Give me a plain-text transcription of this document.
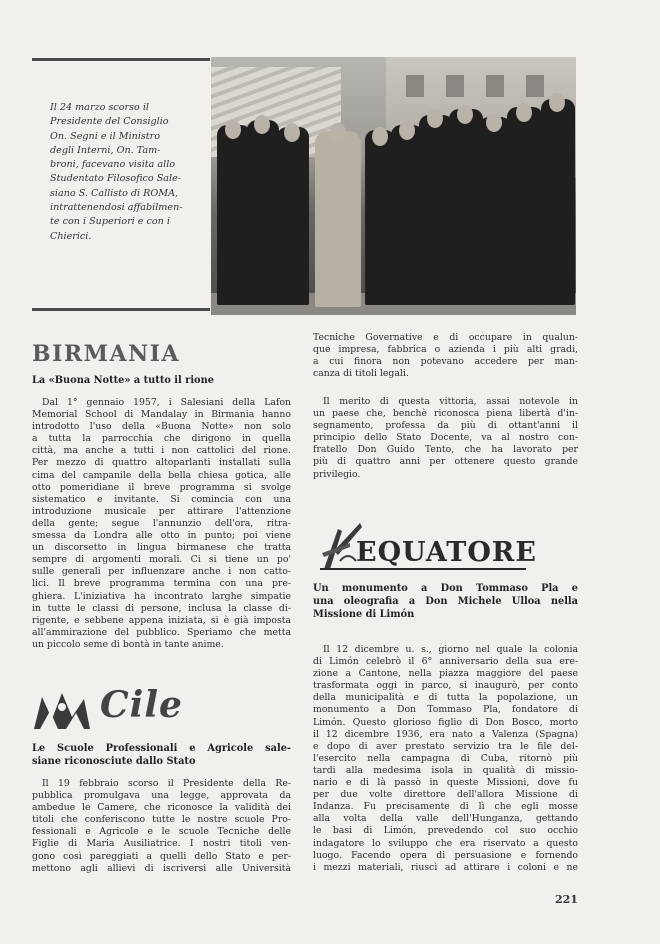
Il 24 marzo scorso il
Presidente del Consiglio
On. Segni e il Ministro
degli Interni, On. Tam-
broni, facevano visita allo
Studentato Filosofico Sale-
siano S. Callisto di ROMA,
intrattenendosi affabilmen-
te con i Superiori e con i
Chierici.
BIRMANIA
La «Buona Notte» a tutto il rione
Dal 1° gennaio 1957, i Salesiani della Lafon
Memorial School di Mandalay in Birmania hanno
introdotto l'uso della «Buona Notte» non solo
a tutta la parrocchia che dirigono in quella
città, ma anche a tutti i non cattolici del rione.
Per mezzo di quattro altoparlanti installati sulla
cima del campanile della bella chiesa gotica, alle
otto pomeridiane il breve programma si svolge
sistematico e invitante. Si comincia con una
introduzione musicale per attirare l'attenzione
della gente; segue l'annunzio dell'ora, ritra-
smessa da Londra alle otto in punto; poi viene
un discorsetto in lingua birmanese che tratta
sempre di argomenti morali. Ci si tiene un po'
sulle generali per influenzare anche i non catto-
lici. Il breve programma termina con una pre-
ghiera. L'iniziativa ha incontrato larghe simpatie
in tutte le classi di persone, inclusa la classe di-
rigente, e sebbene appena iniziata, si è già imposta
all'ammirazione del pubblico. Speriamo che metta
un piccolo seme di bontà in tante anime.
Cile
Le Scuole Professionali e Agricole sale-
siane riconosciute dallo Stato
Il 19 febbraio scorso il Presidente della Re-
pubblica promulgava una legge, approvata da
ambedue le Camere, che riconosce la validità dei
titoli che conferiscono tutte le nostre scuole Pro-
fessionali e Agricole e le scuole Tecniche delle
Figlie di Maria Ausiliatrice. I nostri titoli ven-
gono così pareggiati a quelli dello Stato e per-
mettono agli allievi di iscriversi alle Università
Tecniche Governative e di occupare in qualun-
que impresa, fabbrica o azienda i più alti gradi,
a cui finora non potevano accedere per man-
canza di titoli legali.
Il merito di questa vittoria, assai notevole in
un paese che, benchè riconosca piena libertà d'in-
segnamento, professa da più di ottant'anni il
principio dello Stato Docente, va al nostro con-
fratello Don Guido Tento, che ha lavorato per
più di quattro anni per ottenere questo grande
privilegio.
EQUATORE
Un monumento a Don Tommaso Pla e
una oleografia a Don Michele Ulloa nella
Missione di Limón
Il 12 dicembre u. s., giorno nel quale la colonia
di Limón celebrò il 6° anniversario della sua ere-
zione a Cantone, nella piazza maggiore del paese
trasformata oggi in parco, si inaugurò, per conto
della municipalità e di tutta la popolazione, un
monumento a Don Tommaso Pla, fondatore di
Limón. Questo glorioso figlio di Don Bosco, morto
il 12 dicembre 1936, era nato a Valenza (Spagna)
e dopo di aver prestato servizio tra le file del-
l'esercito nella campagna di Cuba, ritornò più
tardi alla medesima isola in qualità di missio-
nario e di là passò in queste Missioni, dove fu
per due volte direttore dell'allora Missione di
Indanza. Fu precisamente di lì che egli mosse
alla volta della valle dell'Hunganza, gettando
le basi di Limón, prevedendo col suo occhio
indagatore lo sviluppo che era riservato a questo
luogo. Facendo opera di persuasione e fornendo
i mezzi materiali, riuscì ad attirare i coloni e ne
221
